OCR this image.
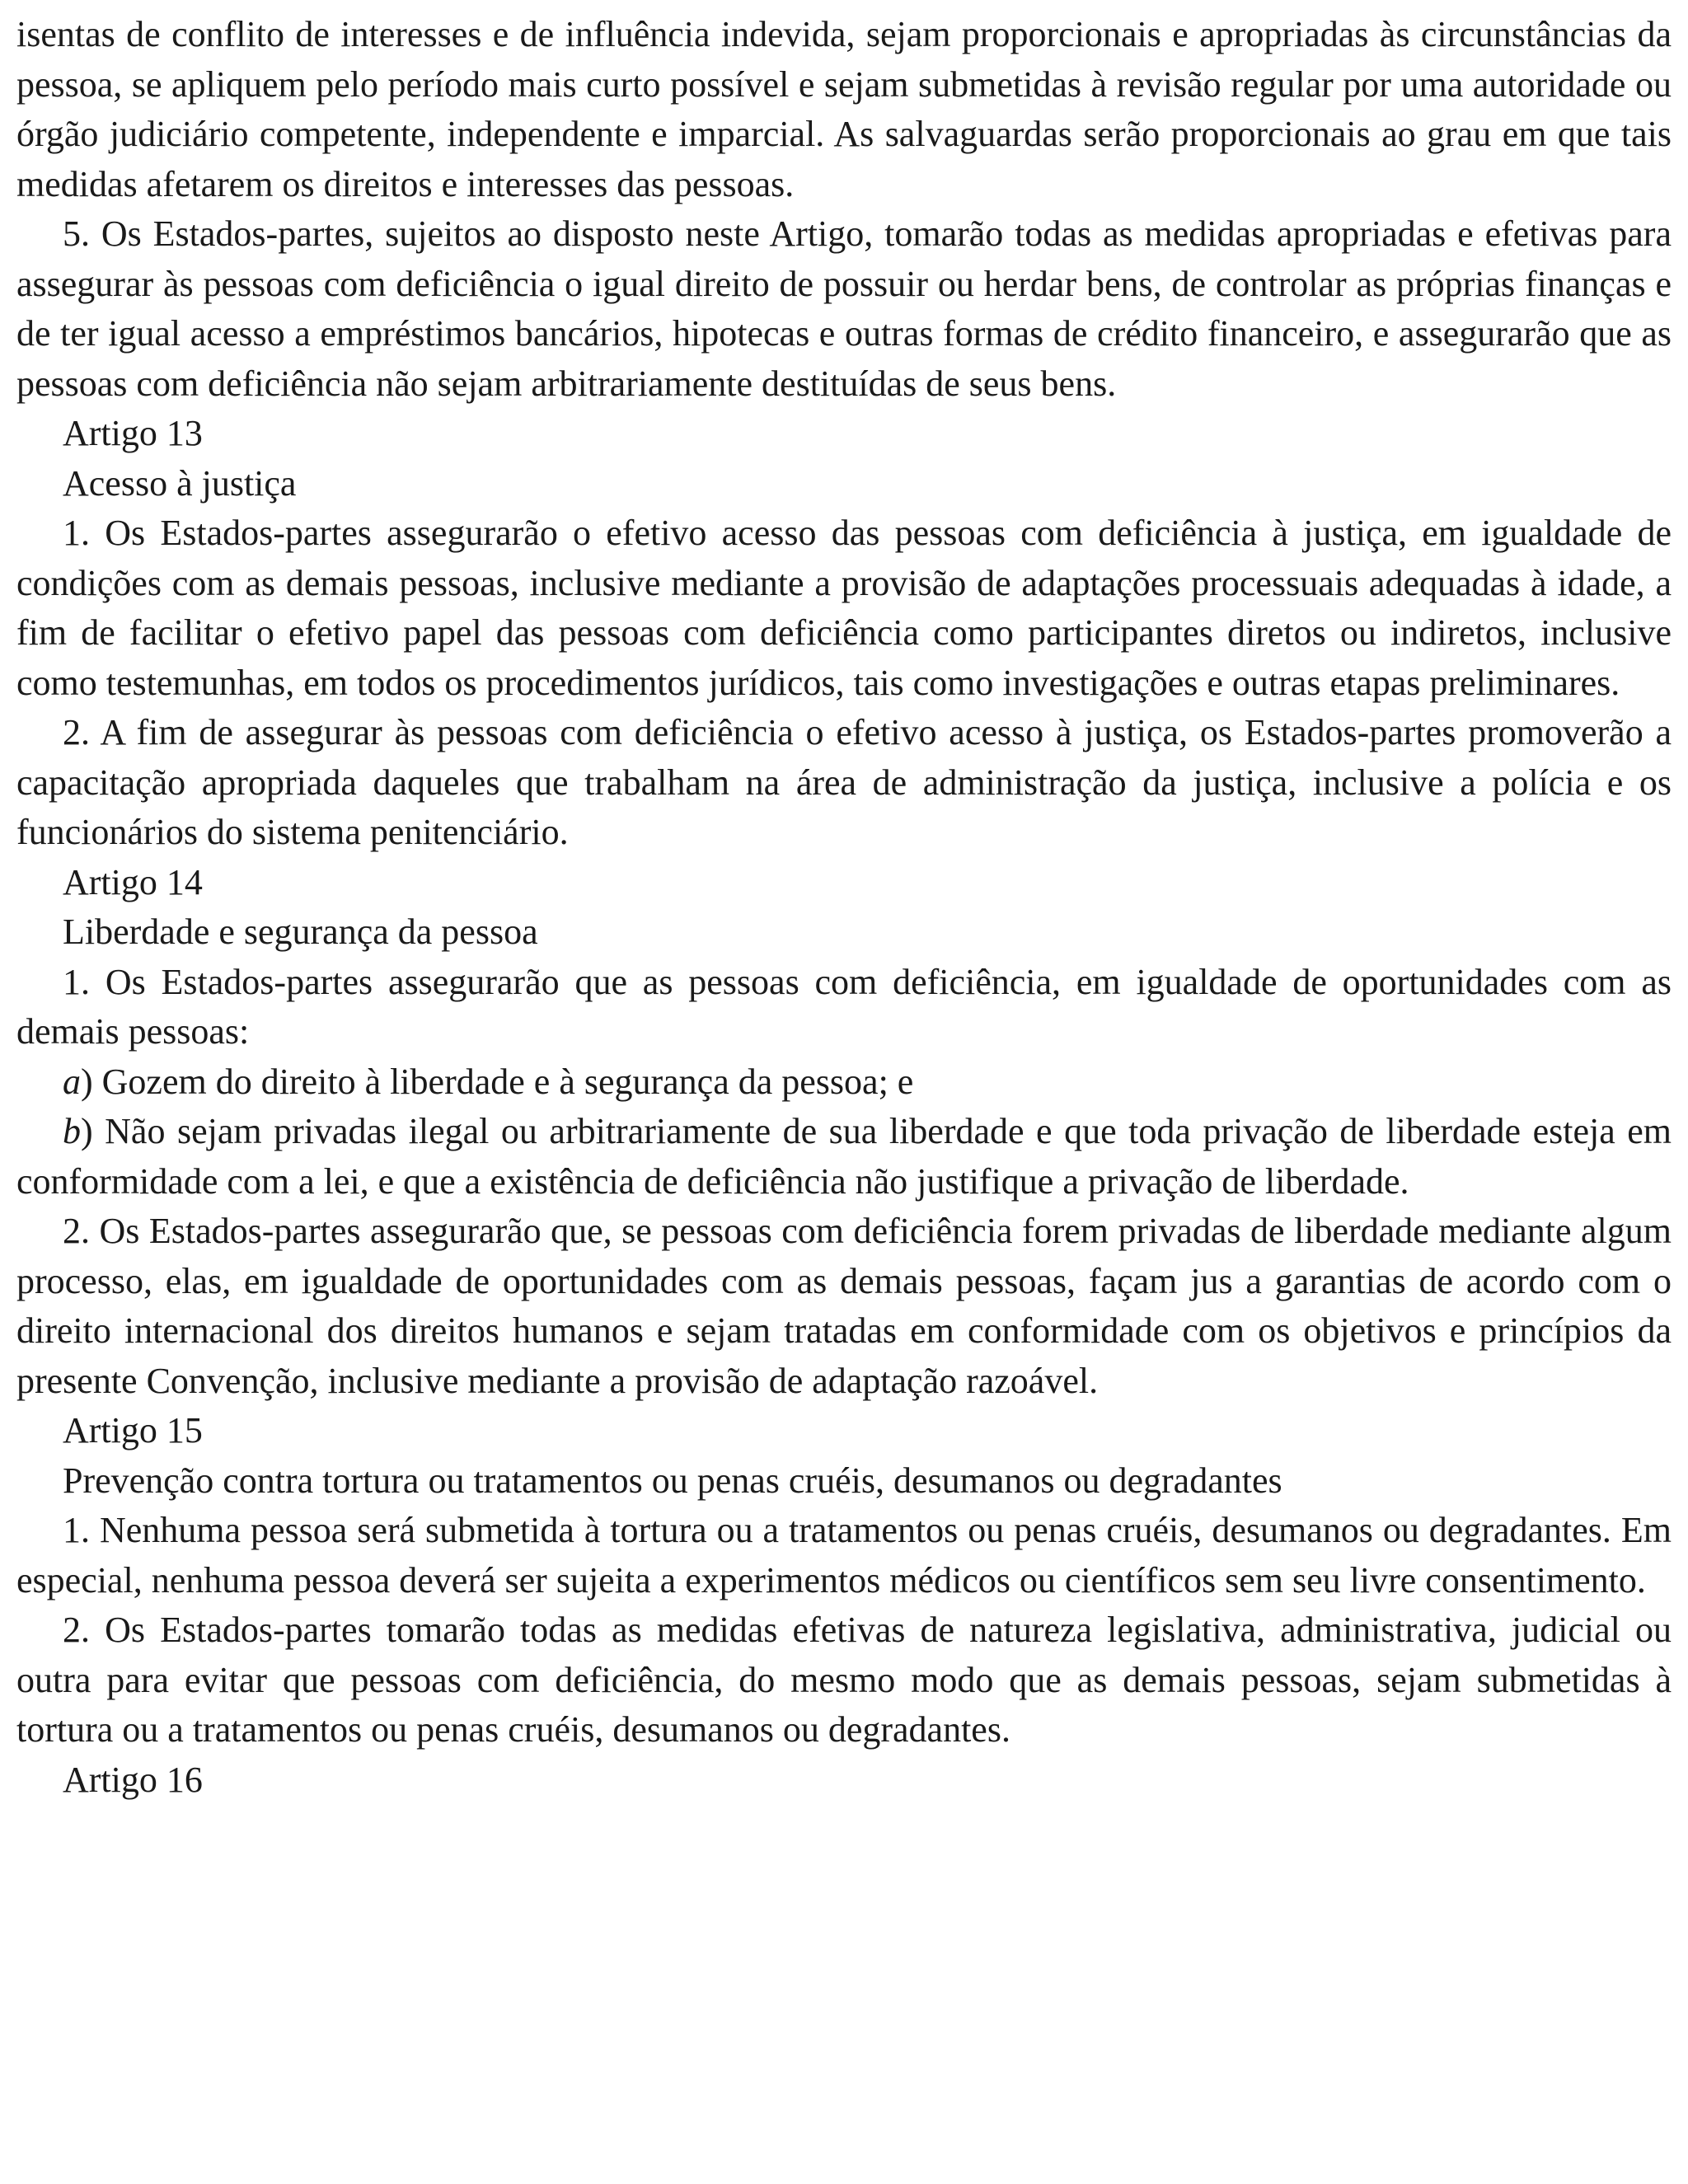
isentas de conflito de interesses e de influência indevida, sejam proporcionais e apropriadas às circunstâncias da pessoa, se apliquem pelo período mais curto possível e sejam submetidas à revisão regular por uma autoridade ou órgão judiciário competente, independente e imparcial. As salvaguardas serão proporcionais ao grau em que tais medidas afetarem os direitos e interesses das pessoas.

5. Os Estados-partes, sujeitos ao disposto neste Artigo, tomarão todas as medidas apropriadas e efetivas para assegurar às pessoas com deficiência o igual direito de possuir ou herdar bens, de controlar as próprias finanças e de ter igual acesso a empréstimos bancários, hipotecas e outras formas de crédito financeiro, e assegurarão que as pessoas com deficiência não sejam arbitrariamente destituídas de seus bens.

Artigo 13

Acesso à justiça

1. Os Estados-partes assegurarão o efetivo acesso das pessoas com deficiência à justiça, em igualdade de condições com as demais pessoas, inclusive mediante a provisão de adaptações processuais adequadas à idade, a fim de facilitar o efetivo papel das pessoas com deficiência como participantes diretos ou indiretos, inclusive como testemunhas, em todos os procedimentos jurídicos, tais como investigações e outras etapas preliminares.

2. A fim de assegurar às pessoas com deficiência o efetivo acesso à justiça, os Estados-partes promoverão a capacitação apropriada daqueles que trabalham na área de administração da justiça, inclusive a polícia e os funcionários do sistema penitenciário.

Artigo 14

Liberdade e segurança da pessoa

1. Os Estados-partes assegurarão que as pessoas com deficiência, em igualdade de oportunidades com as demais pessoas:

a) Gozem do direito à liberdade e à segurança da pessoa; e

b) Não sejam privadas ilegal ou arbitrariamente de sua liberdade e que toda privação de liberdade esteja em conformidade com a lei, e que a existência de deficiência não justifique a privação de liberdade.

2. Os Estados-partes assegurarão que, se pessoas com deficiência forem privadas de liberdade mediante algum processo, elas, em igualdade de oportunidades com as demais pessoas, façam jus a garantias de acordo com o direito internacional dos direitos humanos e sejam tratadas em conformidade com os objetivos e princípios da presente Convenção, inclusive mediante a provisão de adaptação razoável.

Artigo 15

Prevenção contra tortura ou tratamentos ou penas cruéis, desumanos ou degradantes

1. Nenhuma pessoa será submetida à tortura ou a tratamentos ou penas cruéis, desumanos ou degradantes. Em especial, nenhuma pessoa deverá ser sujeita a experimentos médicos ou científicos sem seu livre consentimento.

2. Os Estados-partes tomarão todas as medidas efetivas de natureza legislativa, administrativa, judicial ou outra para evitar que pessoas com deficiência, do mesmo modo que as demais pessoas, sejam submetidas à tortura ou a tratamentos ou penas cruéis, desumanos ou degradantes.

Artigo 16
